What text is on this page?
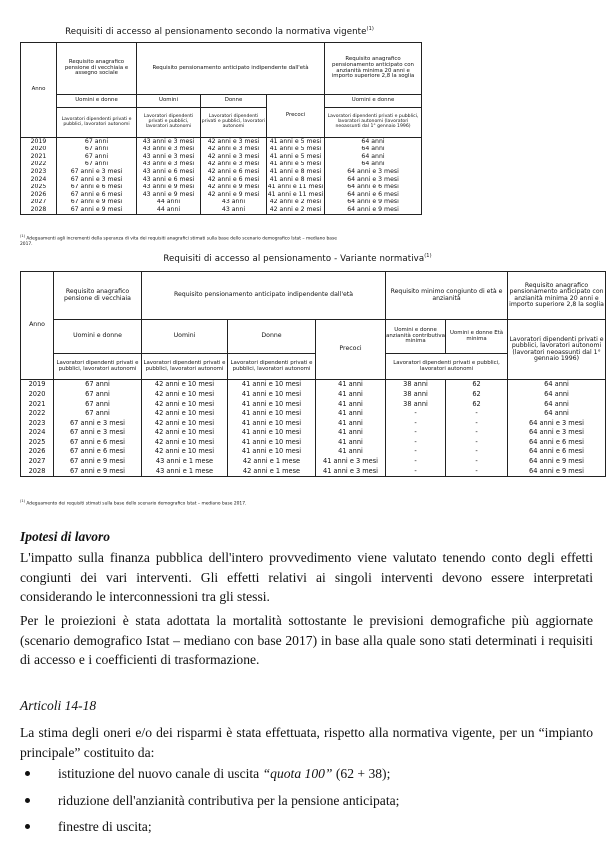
Requisiti di accesso al pensionamento secondo la normativa vigente$^{(1)}$
Anno	Requisito anagrafico pensione di vecchiaia e assegno sociale	Requisito pensionamento anticipato indipendente dall'età			Requisito anagrafico pensionamento anticipato con anzianità minima 20 anni e importo superiore 2,8 la soglia
	Uomini e donne	Uomini	Donne	Precoci	Uomini e donne
	Lavoratori dipendenti privati e pubblici, lavoratori autonomi	Lavoratori dipendenti privati e pubblici, lavoratori autonomi	Lavoratori dipendenti privati e pubblici, lavoratori autonomi		Lavoratori dipendenti privati e pubblici, lavoratori autonomi (lavoratori neoassunti dal 1° gennaio 1996)
2019	67 anni	43 anni e 3 mesi	42 anni e 3 mesi	41 anni e 5 mesi	64 anni
2020	67 anni	43 anni e 3 mesi	42 anni e 3 mesi	41 anni e 5 mesi	64 anni
2021	67 anni	43 anni e 3 mesi	42 anni e 3 mesi	41 anni e 5 mesi	64 anni
2022	67 anni	43 anni e 3 mesi	42 anni e 3 mesi	41 anni e 5 mesi	64 anni
2023	67 anni e 3 mesi	43 anni e 6 mesi	42 anni e 6 mesi	41 anni e 8 mesi	64 anni e 3 mesi
2024	67 anni e 3 mesi	43 anni e 6 mesi	42 anni e 6 mesi	41 anni e 8 mesi	64 anni e 3 mesi
2025	67 anni e 6 mesi	43 anni e 9 mesi	42 anni e 9 mesi	41 anni e 11 mesi	64 anni e 6 mesi
2026	67 anni e 6 mesi	43 anni e 9 mesi	42 anni e 9 mesi	41 anni e 11 mesi	64 anni e 6 mesi
2027	67 anni e 9 mesi	44 anni	43 anni	42 anni e 2 mesi	64 anni e 9 mesi
2028	67 anni e 9 mesi	44 anni	43 anni	42 anni e 2 mesi	64 anni e 9 mesi
$^{(1)}$ Adeguamenti agli incrementi della speranza di vita dei requisiti anagrafici stimati sulla base dello scenario demografico Istat – mediano base 2017.
Requisiti di accesso al pensionamento - Variante normativa$^{(1)}$
Anno	Requisito anagrafico pensione di vecchiaia	Requisito pensionamento anticipato indipendente dall'età			Requisito minimo congiunto di età e anzianità		Requisito anagrafico pensionamento anticipato con anzianità minima 20 anni e importo superiore 2,8 la soglia
	Uomini e donne	Uomini	Donne	Precoci	Uomini e donne anzianità contributiva minima	Uomini e donne Età minima	Lavoratori dipendenti privati e pubblici, lavoratori autonomi (lavoratori neoassunti dal 1° gennaio 1996)
	Lavoratori dipendenti privati e pubblici, lavoratori autonomi	Lavoratori dipendenti privati e pubblici, lavoratori autonomi	Lavoratori dipendenti privati e pubblici, lavoratori autonomi		Lavoratori dipendenti privati e pubblici, lavoratori autonomi		
2019	67 anni	42 anni e 10 mesi	41 anni e 10 mesi	41 anni	38 anni	62	64 anni
2020	67 anni	42 anni e 10 mesi	41 anni e 10 mesi	41 anni	38 anni	62	64 anni
2021	67 anni	42 anni e 10 mesi	41 anni e 10 mesi	41 anni	38 anni	62	64 anni
2022	67 anni	42 anni e 10 mesi	41 anni e 10 mesi	41 anni	-	-	64 anni
2023	67 anni e 3 mesi	42 anni e 10 mesi	41 anni e 10 mesi	41 anni	-	-	64 anni e 3 mesi
2024	67 anni e 3 mesi	42 anni e 10 mesi	41 anni e 10 mesi	41 anni	-	-	64 anni e 3 mesi
2025	67 anni e 6 mesi	42 anni e 10 mesi	41 anni e 10 mesi	41 anni	-	-	64 anni e 6 mesi
2026	67 anni e 6 mesi	42 anni e 10 mesi	41 anni e 10 mesi	41 anni	-	-	64 anni e 6 mesi
2027	67 anni e 9 mesi	43 anni e 1 mese	42 anni e 1 mese	41 anni e 3 mesi	-	-	64 anni e 9 mesi
2028	67 anni e 9 mesi	43 anni e 1 mese	42 anni e 1 mese	41 anni e 3 mesi	-	-	64 anni e 9 mesi
$^{(1)}$ Adeguamento dei requisiti stimati sulla base dello scenario demografico Istat – mediano base 2017.
Ipotesi di lavoro
L'impatto sulla finanza pubblica dell'intero provvedimento viene valutato tenendo conto degli effetti congiunti dei vari interventi. Gli effetti relativi ai singoli interventi devono essere interpretati considerando le interconnessioni tra gli stessi.
Per le proiezioni è stata adottata la mortalità sottostante le previsioni demografiche più aggiornate (scenario demografico Istat – mediano con base 2017) in base alla quale sono stati determinati i requisiti di accesso e i coefficienti di trasformazione.
Articoli 14-18
La stima degli oneri e/o dei risparmi è stata effettuata, rispetto alla normativa vigente, per un “impianto principale” costituito da:
istituzione del nuovo canale di uscita “quota 100” (62 + 38);
riduzione dell'anzianità contributiva per la pensione anticipata;
finestre di uscita;
